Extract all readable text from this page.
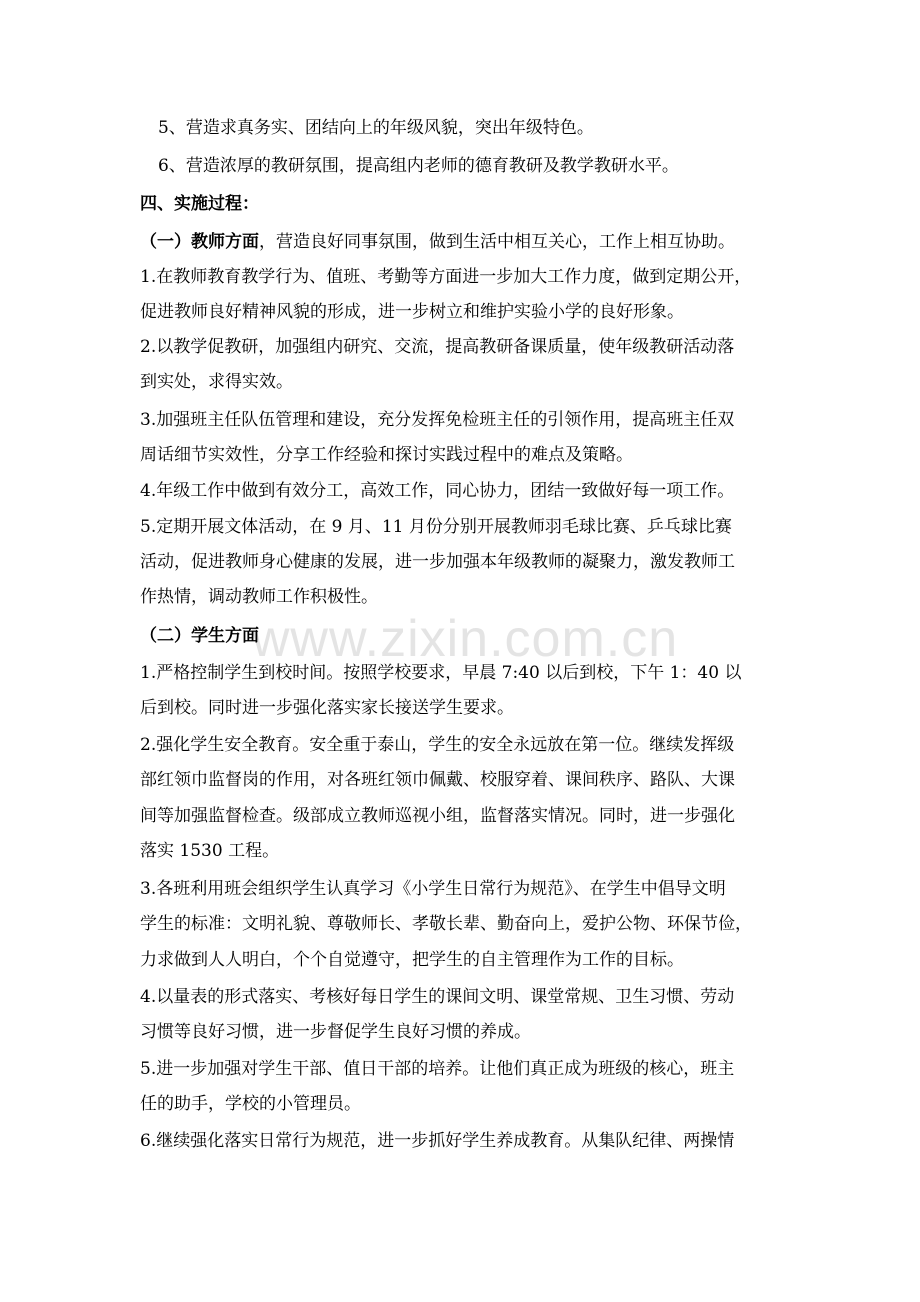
www.zixin.com.cn
5、营造求真务实、团结向上的年级风貌，突出年级特色。
6、营造浓厚的教研氛围，提高组内老师的德育教研及教学教研水平。
四、实施过程：
（一）教师方面，营造良好同事氛围，做到生活中相互关心，工作上相互协助。
1.在教师教育教学行为、值班、考勤等方面进一步加大工作力度，做到定期公开，
促进教师良好精神风貌的形成，进一步树立和维护实验小学的良好形象。
2.以教学促教研，加强组内研究、交流，提高教研备课质量，使年级教研活动落
到实处，求得实效。
3.加强班主任队伍管理和建设，充分发挥免检班主任的引领作用，提高班主任双
周话细节实效性，分享工作经验和探讨实践过程中的难点及策略。
4.年级工作中做到有效分工，高效工作，同心协力，团结一致做好每一项工作。
5.定期开展文体活动，在 9 月、11 月份分别开展教师羽毛球比赛、乒乓球比赛
活动，促进教师身心健康的发展，进一步加强本年级教师的凝聚力，激发教师工
作热情，调动教师工作积极性。
（二）学生方面
1.严格控制学生到校时间。按照学校要求，早晨 7:40 以后到校，下午 1：40 以
后到校。同时进一步强化落实家长接送学生要求。
2.强化学生安全教育。安全重于泰山，学生的安全永远放在第一位。继续发挥级
部红领巾监督岗的作用，对各班红领巾佩戴、校服穿着、课间秩序、路队、大课
间等加强监督检查。级部成立教师巡视小组，监督落实情况。同时，进一步强化
落实 1530 工程。
3.各班利用班会组织学生认真学习《小学生日常行为规范》、在学生中倡导文明
学生的标准：文明礼貌、尊敬师长、孝敬长辈、勤奋向上，爱护公物、环保节俭，
力求做到人人明白，个个自觉遵守，把学生的自主管理作为工作的目标。
4.以量表的形式落实、考核好每日学生的课间文明、课堂常规、卫生习惯、劳动
习惯等良好习惯，进一步督促学生良好习惯的养成。
5.进一步加强对学生干部、值日干部的培养。让他们真正成为班级的核心，班主
任的助手，学校的小管理员。
6.继续强化落实日常行为规范，进一步抓好学生养成教育。从集队纪律、两操情
